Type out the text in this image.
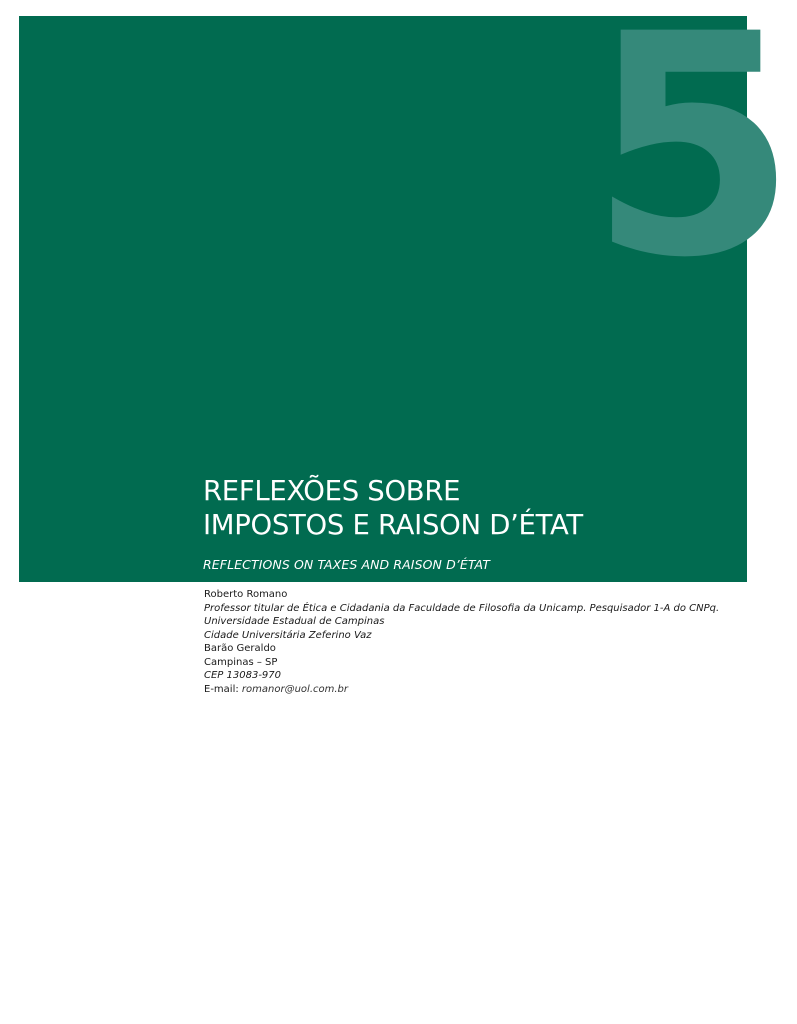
5
REFLEXÕES SOBRE
IMPOSTOS E RAISON D’ÉTAT
REFLECTIONS ON TAXES AND RAISON D’ÉTAT
Roberto Romano
Professor titular de Ética e Cidadania da Faculdade de Filosofia da Unicamp. Pesquisador 1-A do CNPq.
Universidade Estadual de Campinas
Cidade Universitária Zeferino Vaz
Barão Geraldo
Campinas – SP
CEP 13083-970
E-mail: romanor@uol.com.br
